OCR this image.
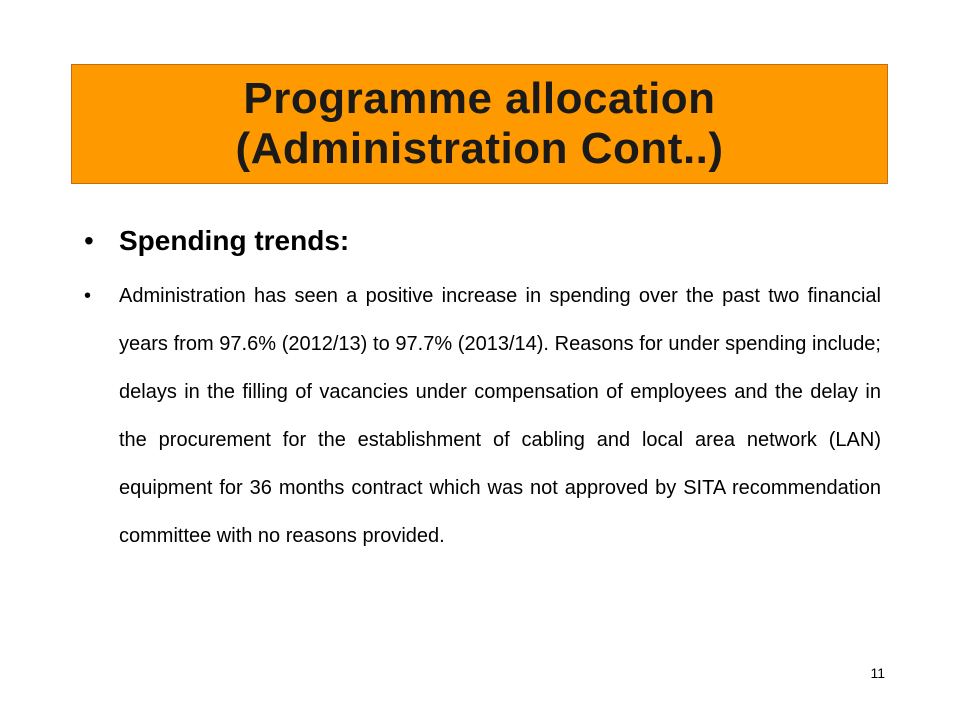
Programme allocation
(Administration Cont..)
• Spending trends:
•	Administration has seen a positive increase in spending over the past two financial years from 97.6% (2012/13) to 97.7% (2013/14). Reasons for under spending include; delays in the filling of vacancies under compensation of employees and the delay in the procurement for the establishment of cabling and local area network (LAN) equipment for 36 months contract which was not approved by SITA recommendation committee with no reasons provided.
11
